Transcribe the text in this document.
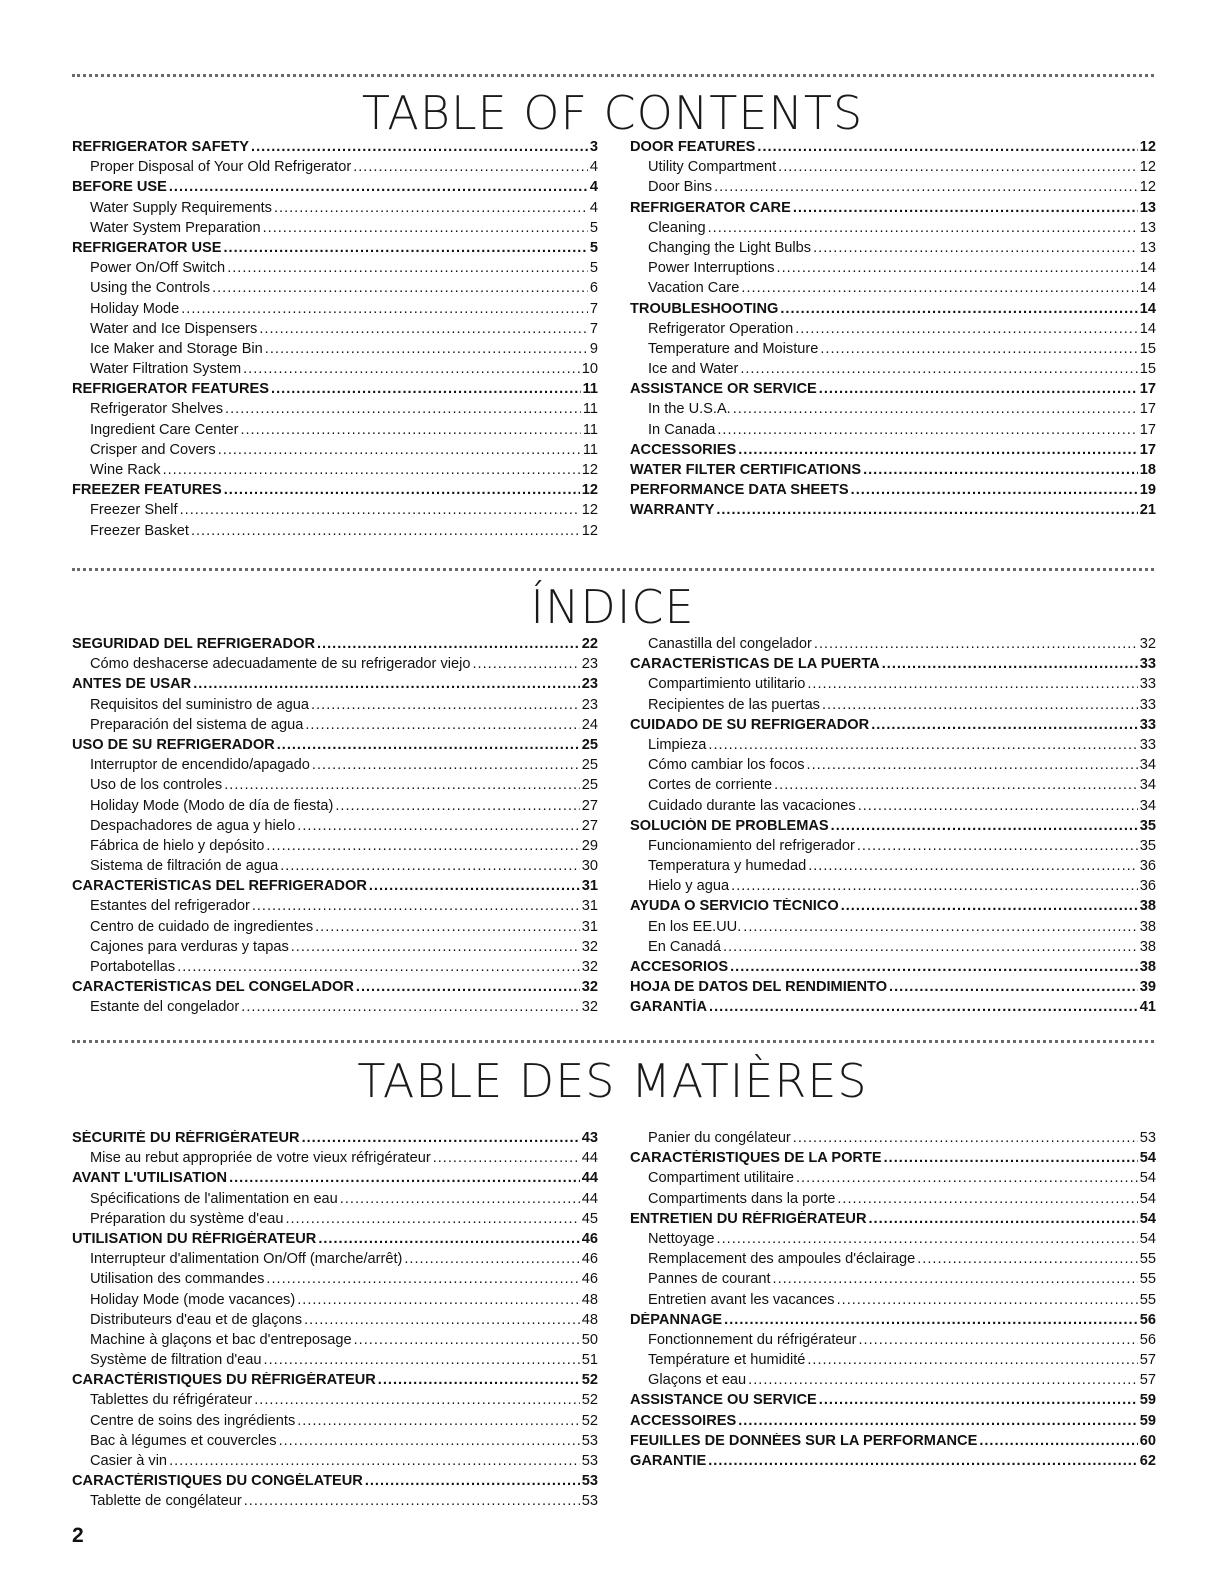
TABLE OF CONTENTS
REFRIGERATOR SAFETY .....	3
Proper Disposal of Your Old Refrigerator .....	4
BEFORE USE .....	4
Water Supply Requirements .....	4
Water System Preparation .....	5
REFRIGERATOR USE .....	5
Power On/Off Switch .....	5
Using the Controls .....	6
Holiday Mode .....	7
Water and Ice Dispensers .....	7
Ice Maker and Storage Bin .....	9
Water Filtration System .....	10
REFRIGERATOR FEATURES .....	11
Refrigerator Shelves .....	11
Ingredient Care Center .....	11
Crisper and Covers .....	11
Wine Rack .....	12
FREEZER FEATURES .....	12
Freezer Shelf .....	12
Freezer Basket .....	12
DOOR FEATURES .....	12
Utility Compartment .....	12
Door Bins .....	12
REFRIGERATOR CARE .....	13
Cleaning .....	13
Changing the Light Bulbs .....	13
Power Interruptions .....	14
Vacation Care .....	14
TROUBLESHOOTING .....	14
Refrigerator Operation .....	14
Temperature and Moisture .....	15
Ice and Water .....	15
ASSISTANCE OR SERVICE .....	17
In the U.S.A. .....	17
In Canada .....	17
ACCESSORIES .....	17
WATER FILTER CERTIFICATIONS .....	18
PERFORMANCE DATA SHEETS .....	19
WARRANTY .....	21
ÍNDICE
SEGURIDAD DEL REFRIGERADOR .....	22
Cómo deshacerse adecuadamente de su refrigerador viejo .....	23
ANTES DE USAR .....	23
Requisitos del suministro de agua .....	23
Preparación del sistema de agua .....	24
USO DE SU REFRIGERADOR .....	25
Interruptor de encendido/apagado .....	25
Uso de los controles .....	25
Holiday Mode (Modo de día de fiesta) .....	27
Despachadores de agua y hielo .....	27
Fábrica de hielo y depósito .....	29
Sistema de filtración de agua .....	30
CARACTERÍSTICAS DEL REFRIGERADOR .....	31
Estantes del refrigerador .....	31
Centro de cuidado de ingredientes .....	31
Cajones para verduras y tapas .....	32
Portabotellas .....	32
CARACTERÍSTICAS DEL CONGELADOR .....	32
Estante del congelador .....	32
Canastilla del congelador .....	32
CARACTERÍSTICAS DE LA PUERTA .....	33
Compartimiento utilitario .....	33
Recipientes de las puertas .....	33
CUIDADO DE SU REFRIGERADOR .....	33
Limpieza .....	33
Cómo cambiar los focos .....	34
Cortes de corriente .....	34
Cuidado durante las vacaciones .....	34
SOLUCIÓN DE PROBLEMAS .....	35
Funcionamiento del refrigerador .....	35
Temperatura y humedad .....	36
Hielo y agua .....	36
AYUDA O SERVICIO TÉCNICO .....	38
En los EE.UU. .....	38
En Canadá .....	38
ACCESORIOS .....	38
HOJA DE DATOS DEL RENDIMIENTO .....	39
GARANTÍA .....	41
TABLE DES MATIÈRES
SÉCURITÉ DU RÉFRIGÉRATEUR .....	43
Mise au rebut appropriée de votre vieux réfrigérateur .....	44
AVANT L'UTILISATION .....	44
Spécifications de l'alimentation en eau .....	44
Préparation du système d'eau .....	45
UTILISATION DU RÉFRIGÉRATEUR .....	46
Interrupteur d'alimentation On/Off (marche/arrêt) .....	46
Utilisation des commandes .....	46
Holiday Mode (mode vacances) .....	48
Distributeurs d'eau et de glaçons .....	48
Machine à glaçons et bac d'entreposage .....	50
Système de filtration d'eau .....	51
CARACTÉRISTIQUES DU RÉFRIGÉRATEUR .....	52
Tablettes du réfrigérateur .....	52
Centre de soins des ingrédients .....	52
Bac à légumes et couvercles .....	53
Casier à vin .....	53
CARACTÉRISTIQUES DU CONGÉLATEUR .....	53
Tablette de congélateur .....	53
Panier du congélateur .....	53
CARACTÉRISTIQUES DE LA PORTE .....	54
Compartiment utilitaire .....	54
Compartiments dans la porte .....	54
ENTRETIEN DU RÉFRIGÉRATEUR .....	54
Nettoyage .....	54
Remplacement des ampoules d'éclairage .....	55
Pannes de courant .....	55
Entretien avant les vacances .....	55
DÉPANNAGE .....	56
Fonctionnement du réfrigérateur .....	56
Température et humidité .....	57
Glaçons et eau .....	57
ASSISTANCE OU SERVICE .....	59
ACCESSOIRES .....	59
FEUILLES DE DONNÉES SUR LA PERFORMANCE .....	60
GARANTIE .....	62
2
